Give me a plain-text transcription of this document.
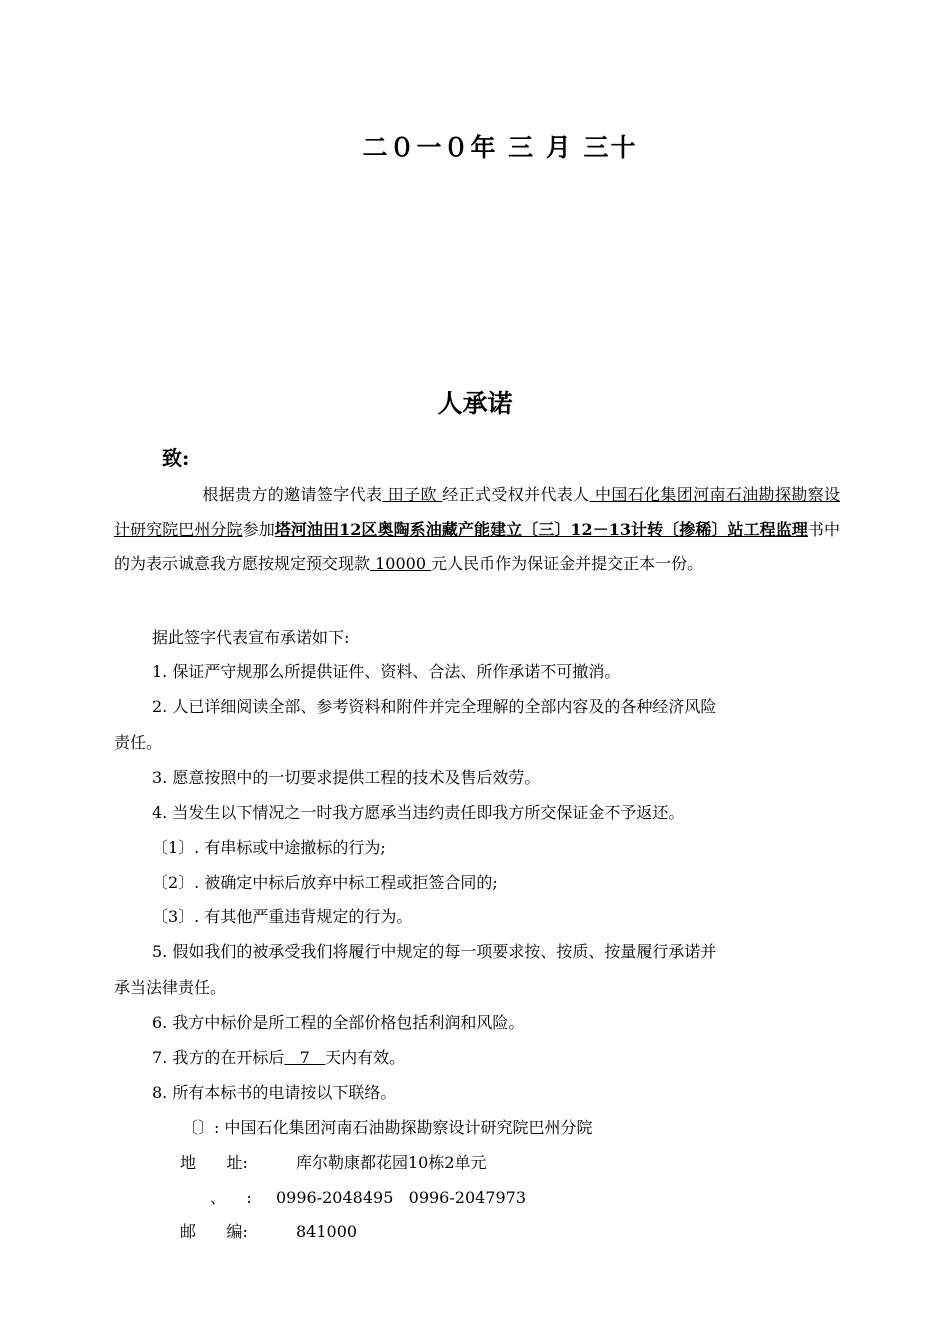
二０一０年 三 月 三十
人承诺
致:
根据贵方的邀请签字代表 田子欧 经正式受权并代表人 中国石化集团河南石油勘探勘察设计研究院巴州分院参加塔河油田12区奥陶系油藏产能建立〔三〕12－13计转〔掺稀〕站工程监理书中的为表示诚意我方愿按规定预交现款 10000 元人民币作为保证金并提交正本一份。
据此签字代表宣布承诺如下:
1. 保证严守规那么所提供证件、资料、合法、所作承诺不可撤消。
2. 人已详细阅读全部、参考资料和附件并完全理解的全部内容及的各种经济风险
责任。
3. 愿意按照中的一切要求提供工程的技术及售后效劳。
4. 当发生以下情况之一时我方愿承当违约责任即我方所交保证金不予返还。
〔1〕. 有串标或中途撤标的行为;
〔2〕. 被确定中标后放弃中标工程或拒签合同的;
〔3〕. 有其他严重违背规定的行为。
5. 假如我们的被承受我们将履行中规定的每一项要求按、按质、按量履行承诺并
承当法律责任。
6. 我方中标价是所工程的全部价格包括利润和风险。
7. 我方的在开标后   7   天内有效。
8. 所有本标书的电请按以下联络。
〔〕: 中国石化集团河南石油勘探勘察设计研究院巴州分院
地      址:	库尔勒康都花园10栋2单元
、    : 0996-2048495   0996-2047973
邮      编:	841000
